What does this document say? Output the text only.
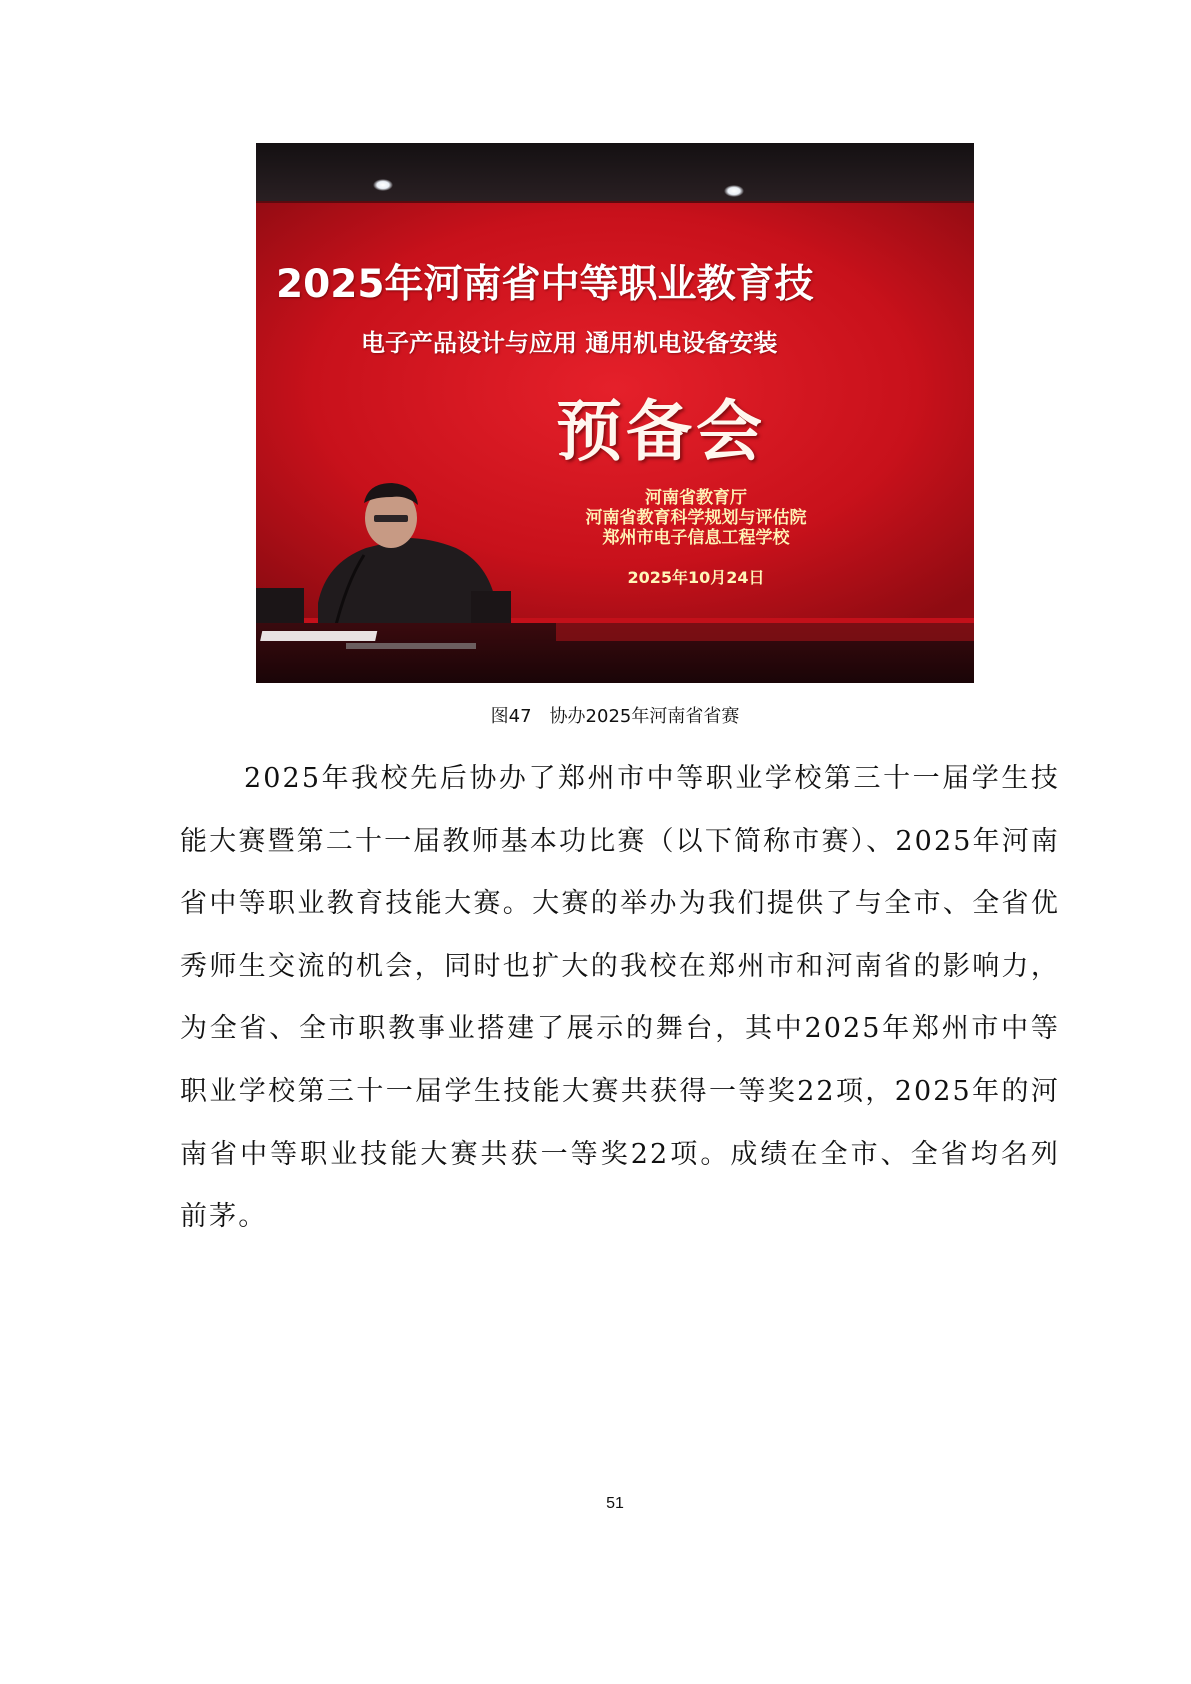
2025年河南省中等职业教育技
电子产品设计与应用 通用机电设备安装
预备会
河南省教育厅
河南省教育科学规划与评估院
郑州市电子信息工程学校
2025年10月24日
图47 协办2025年河南省省赛

2025年我校先后协办了郑州市中等职业学校第三十一届学生技能大赛暨第二十一届教师基本功比赛（以下简称市赛）、2025年河南省中等职业教育技能大赛。大赛的举办为我们提供了与全市、全省优秀师生交流的机会，同时也扩大的我校在郑州市和河南省的影响力，为全省、全市职教事业搭建了展示的舞台，其中2025年郑州市中等职业学校第三十一届学生技能大赛共获得一等奖22项，2025年的河南省中等职业技能大赛共获一等奖22项。成绩在全市、全省均名列前茅。

51
